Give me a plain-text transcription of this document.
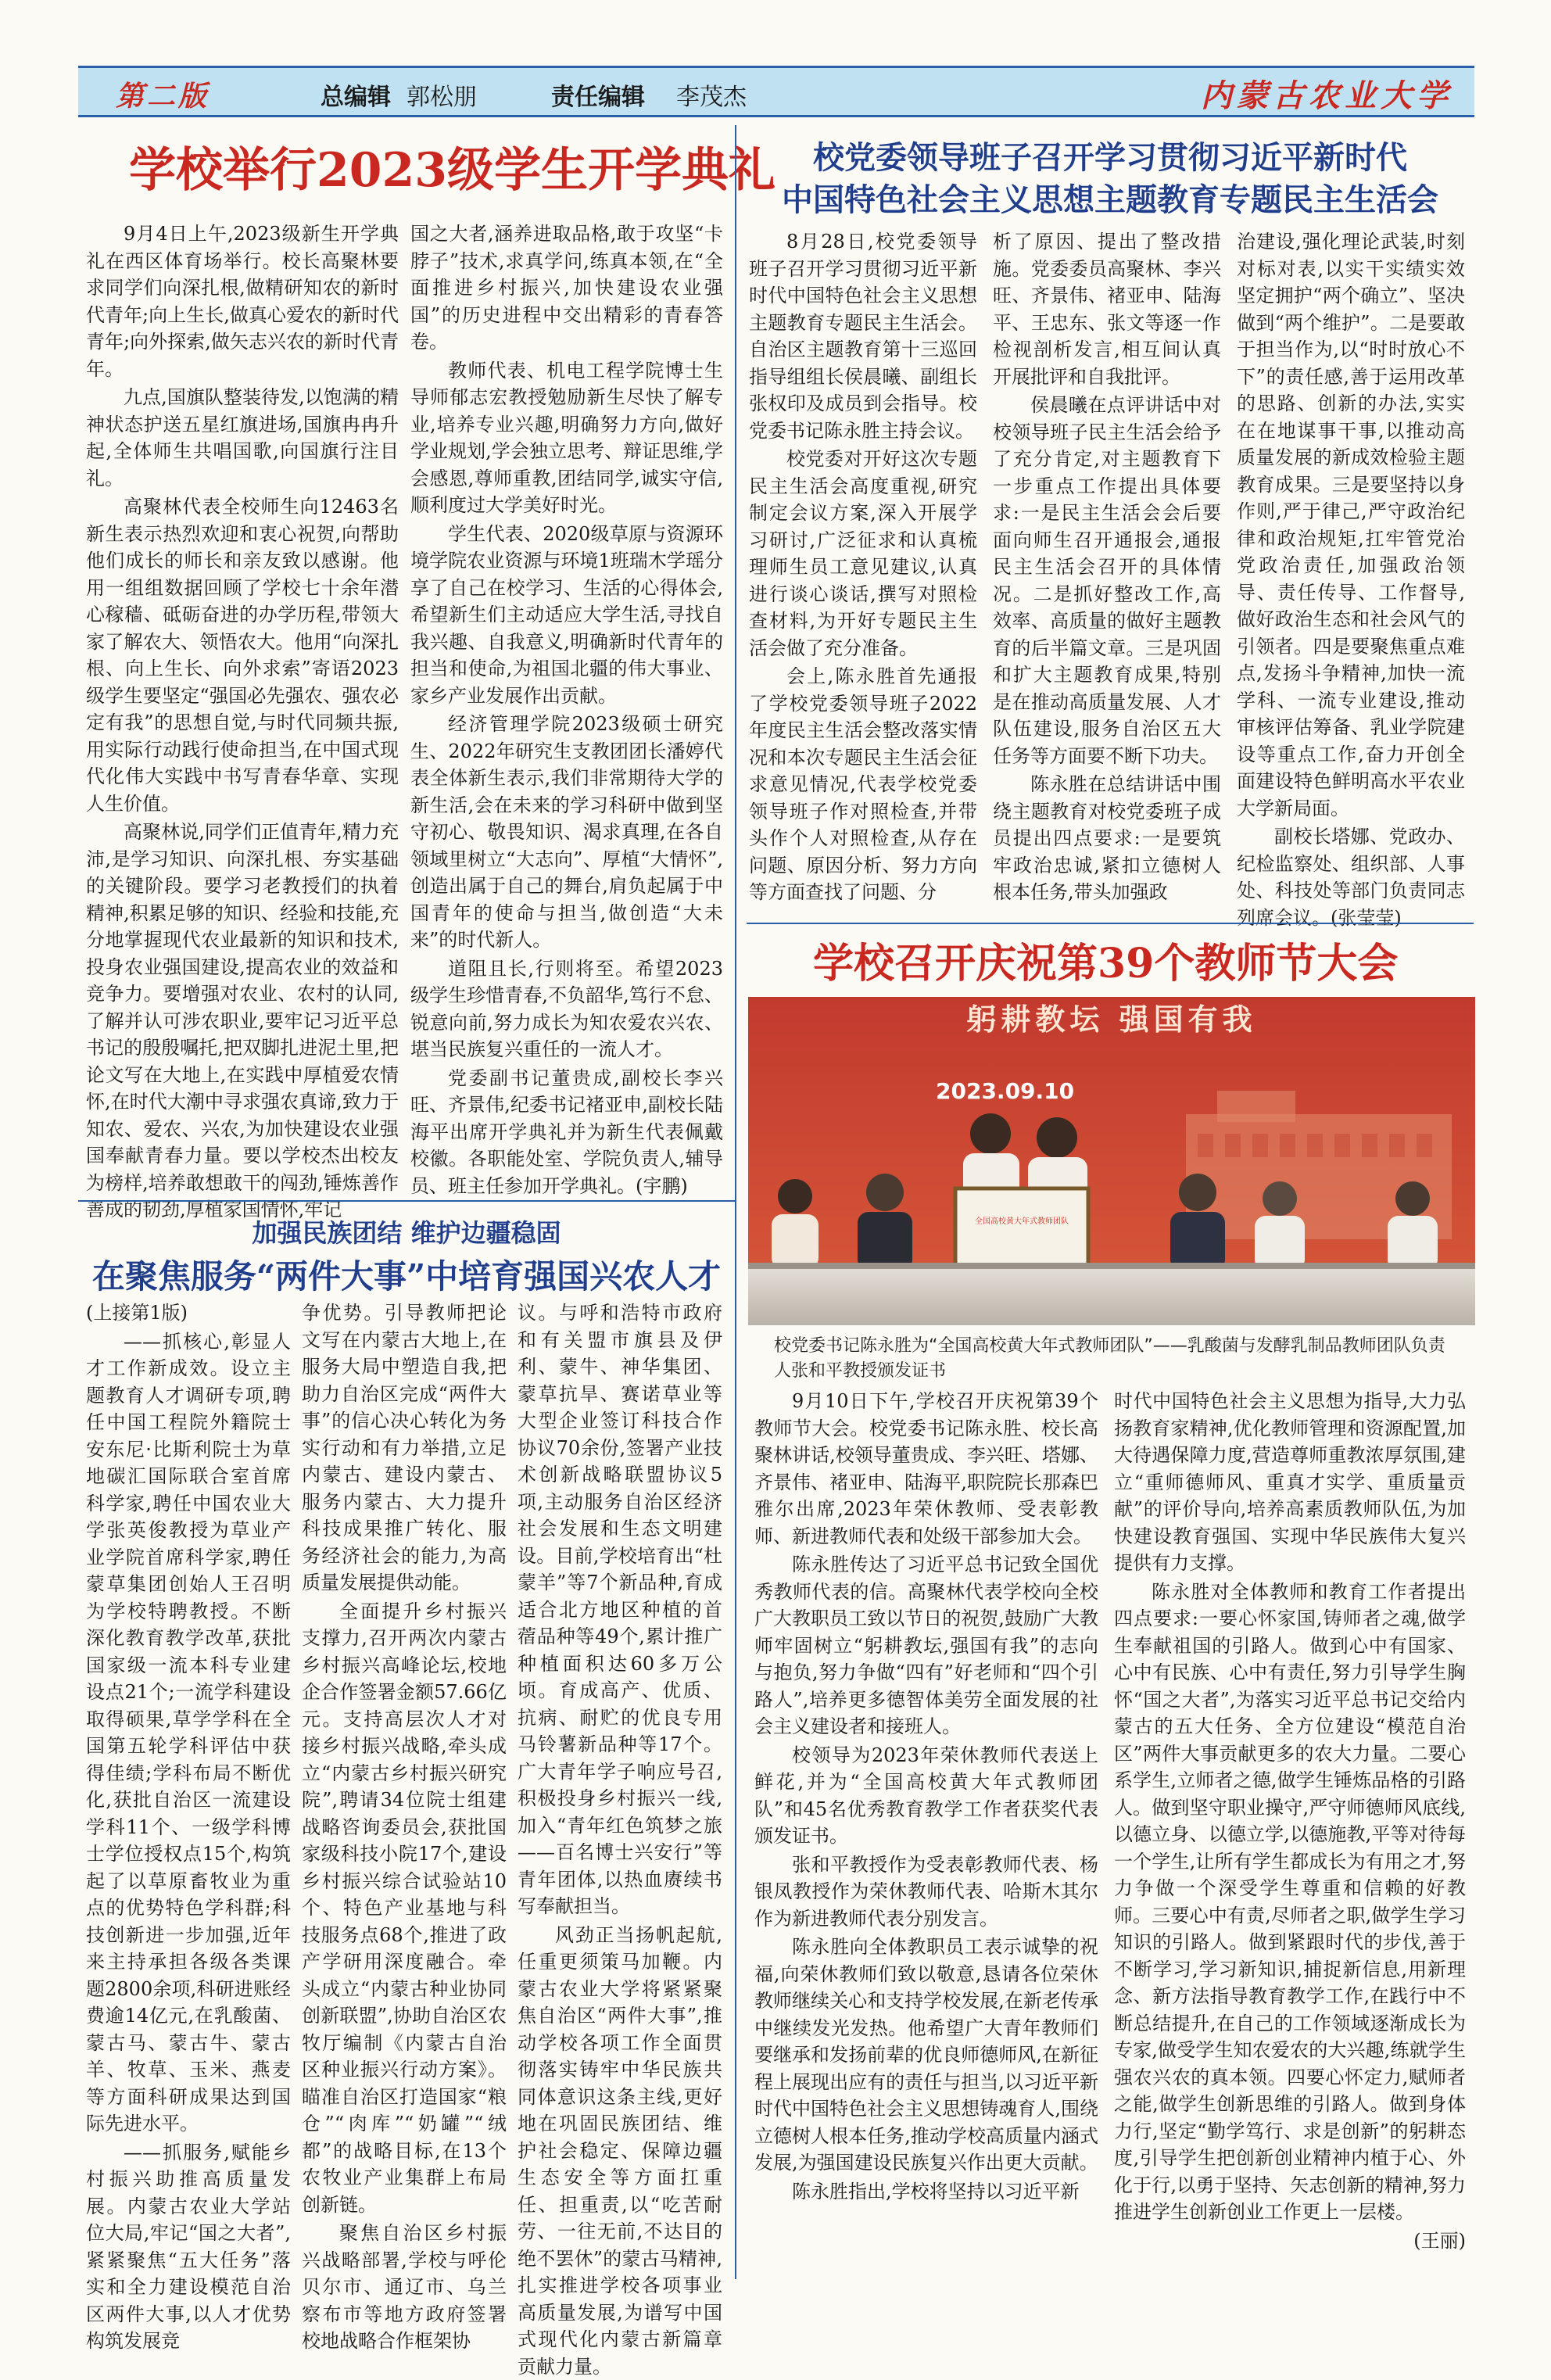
第二版	总编辑 郭松朋	责任编辑 李茂杰	内蒙古农业大学
学校举行2023级学生开学典礼

9月4日上午,2023级新生开学典礼在西区体育场举行。校长高聚林要求同学们向深扎根,做精研知农的新时代青年;向上生长,做真心爱农的新时代青年;向外探索,做矢志兴农的新时代青年。

九点,国旗队整装待发,以饱满的精神状态护送五星红旗进场,国旗冉冉升起,全体师生共唱国歌,向国旗行注目礼。

高聚林代表全校师生向12463名新生表示热烈欢迎和衷心祝贺,向帮助他们成长的师长和亲友致以感谢。他用一组组数据回顾了学校七十余年潜心稼穑、砥砺奋进的办学历程,带领大家了解农大、领悟农大。他用“向深扎根、向上生长、向外求索”寄语2023级学生要坚定“强国必先强农、强农必定有我”的思想自觉,与时代同频共振,用实际行动践行使命担当,在中国式现代化伟大实践中书写青春华章、实现人生价值。

高聚林说,同学们正值青年,精力充沛,是学习知识、向深扎根、夯实基础的关键阶段。要学习老教授们的执着精神,积累足够的知识、经验和技能,充分地掌握现代农业最新的知识和技术,投身农业强国建设,提高农业的效益和竞争力。要增强对农业、农村的认同,了解并认可涉农职业,要牢记习近平总书记的殷殷嘱托,把双脚扎进泥土里,把论文写在大地上,在实践中厚植爱农情怀,在时代大潮中寻求强农真谛,致力于知农、爱农、兴农,为加快建设农业强国奉献青春力量。要以学校杰出校友为榜样,培养敢想敢干的闯劲,锤炼善作善成的韧劲,厚植家国情怀,牢记

国之大者,涵养进取品格,敢于攻坚“卡脖子”技术,求真学问,练真本领,在“全面推进乡村振兴,加快建设农业强国”的历史进程中交出精彩的青春答卷。

教师代表、机电工程学院博士生导师郁志宏教授勉励新生尽快了解专业,培养专业兴趣,明确努力方向,做好学业规划,学会独立思考、辩证思维,学会感恩,尊师重教,团结同学,诚实守信,顺利度过大学美好时光。

学生代表、2020级草原与资源环境学院农业资源与环境1班瑞木学瑶分享了自己在校学习、生活的心得体会,希望新生们主动适应大学生活,寻找自我兴趣、自我意义,明确新时代青年的担当和使命,为祖国北疆的伟大事业、家乡产业发展作出贡献。

经济管理学院2023级硕士研究生、2022年研究生支教团团长潘婷代表全体新生表示,我们非常期待大学的新生活,会在未来的学习科研中做到坚守初心、敬畏知识、渴求真理,在各自领域里树立“大志向”、厚植“大情怀”,创造出属于自己的舞台,肩负起属于中国青年的使命与担当,做创造“大未来”的时代新人。

道阻且长,行则将至。希望2023级学生珍惜青春,不负韶华,笃行不怠、锐意向前,努力成长为知农爱农兴农、堪当民族复兴重任的一流人才。

党委副书记董贵成,副校长李兴旺、齐景伟,纪委书记褚亚申,副校长陆海平出席开学典礼并为新生代表佩戴校徽。各职能处室、学院负责人,辅导员、班主任参加开学典礼。(宇鹏)

校党委领导班子召开学习贯彻习近平新时代
中国特色社会主义思想主题教育专题民主生活会

8月28日,校党委领导班子召开学习贯彻习近平新时代中国特色社会主义思想主题教育专题民主生活会。自治区主题教育第十三巡回指导组组长侯晨曦、副组长张权印及成员到会指导。校党委书记陈永胜主持会议。

校党委对开好这次专题民主生活会高度重视,研究制定会议方案,深入开展学习研讨,广泛征求和认真梳理师生员工意见建议,认真进行谈心谈话,撰写对照检查材料,为开好专题民主生活会做了充分准备。

会上,陈永胜首先通报了学校党委领导班子2022年度民主生活会整改落实情况和本次专题民主生活会征求意见情况,代表学校党委领导班子作对照检查,并带头作个人对照检查,从存在问题、原因分析、努力方向等方面查找了问题、分

析了原因、提出了整改措施。党委委员高聚林、李兴旺、齐景伟、褚亚申、陆海平、王忠东、张文等逐一作检视剖析发言,相互间认真开展批评和自我批评。

侯晨曦在点评讲话中对校领导班子民主生活会给予了充分肯定,对主题教育下一步重点工作提出具体要求:一是民主生活会会后要面向师生召开通报会,通报民主生活会召开的具体情况。二是抓好整改工作,高效率、高质量的做好主题教育的后半篇文章。三是巩固和扩大主题教育成果,特别是在推动高质量发展、人才队伍建设,服务自治区五大任务等方面要不断下功夫。

陈永胜在总结讲话中围绕主题教育对校党委班子成员提出四点要求:一是要筑牢政治忠诚,紧扣立德树人根本任务,带头加强政

治建设,强化理论武装,时刻对标对表,以实干实绩实效坚定拥护“两个确立”、坚决做到“两个维护”。二是要敢于担当作为,以“时时放心不下”的责任感,善于运用改革的思路、创新的办法,实实在在地谋事干事,以推动高质量发展的新成效检验主题教育成果。三是要坚持以身作则,严于律己,严守政治纪律和政治规矩,扛牢管党治党政治责任,加强政治领导、责任传导、工作督导,做好政治生态和社会风气的引领者。四是要聚焦重点难点,发扬斗争精神,加快一流学科、一流专业建设,推动审核评估筹备、乳业学院建设等重点工作,奋力开创全面建设特色鲜明高水平农业大学新局面。

副校长塔娜、党政办、纪检监察处、组织部、人事处、科技处等部门负责同志列席会议。(张莹莹)

学校召开庆祝第39个教师节大会
全国高校黄大年式教师团队
躬耕教坛 强国有我
2023.09.10
校党委书记陈永胜为“全国高校黄大年式教师团队”——乳酸菌与发酵乳制品教师团队负责人张和平教授颁发证书
加强民族团结 维护边疆稳固
在聚焦服务“两件大事”中培育强国兴农人才

(上接第1版)

——抓核心,彰显人才工作新成效。设立主题教育人才调研专项,聘任中国工程院外籍院士安东尼·比斯利院士为草地碳汇国际联合室首席科学家,聘任中国农业大学张英俊教授为草业产业学院首席科学家,聘任蒙草集团创始人王召明为学校特聘教授。不断深化教育教学改革,获批国家级一流本科专业建设点21个;一流学科建设取得硕果,草学学科在全国第五轮学科评估中获得佳绩;学科布局不断优化,获批自治区一流建设学科11个、一级学科博士学位授权点15个,构筑起了以草原畜牧业为重点的优势特色学科群;科技创新进一步加强,近年来主持承担各级各类课题2800余项,科研进账经费逾14亿元,在乳酸菌、蒙古马、蒙古牛、蒙古羊、牧草、玉米、燕麦等方面科研成果达到国际先进水平。

——抓服务,赋能乡村振兴助推高质量发展。内蒙古农业大学站位大局,牢记“国之大者”,紧紧聚焦“五大任务”落实和全力建设模范自治区两件大事,以人才优势构筑发展竞

争优势。引导教师把论文写在内蒙古大地上,在服务大局中塑造自我,把助力自治区完成“两件大事”的信心决心转化为务实行动和有力举措,立足内蒙古、建设内蒙古、服务内蒙古、大力提升科技成果推广转化、服务经济社会的能力,为高质量发展提供动能。

全面提升乡村振兴支撑力,召开两次内蒙古乡村振兴高峰论坛,校地企合作签署金额57.66亿元。支持高层次人才对接乡村振兴战略,牵头成立“内蒙古乡村振兴研究院”,聘请34位院士组建战略咨询委员会,获批国家级科技小院17个,建设乡村振兴综合试验站10个、特色产业基地与科技服务点68个,推进了政产学研用深度融合。牵头成立“内蒙古种业协同创新联盟”,协助自治区农牧厅编制《内蒙古自治区种业振兴行动方案》。瞄准自治区打造国家“粮仓”“肉库”“奶罐”“绒都”的战略目标,在13个农牧业产业集群上布局创新链。

聚焦自治区乡村振兴战略部署,学校与呼伦贝尔市、通辽市、乌兰察布市等地方政府签署校地战略合作框架协

议。与呼和浩特市政府和有关盟市旗县及伊利、蒙牛、神华集团、蒙草抗旱、赛诺草业等大型企业签订科技合作协议70余份,签署产业技术创新战略联盟协议5项,主动服务自治区经济社会发展和生态文明建设。目前,学校培育出“杜蒙羊”等7个新品种,育成适合北方地区种植的首蓿品种等49个,累计推广种植面积达60多万公顷。育成高产、优质、抗病、耐贮的优良专用马铃薯新品种等17个。广大青年学子响应号召,积极投身乡村振兴一线,加入“青年红色筑梦之旅——百名博士兴安行”等青年团体,以热血赓续书写奉献担当。

风劲正当扬帆起航,任重更须策马加鞭。内蒙古农业大学将紧紧聚焦自治区“两件大事”,推动学校各项工作全面贯彻落实铸牢中华民族共同体意识这条主线,更好地在巩固民族团结、维护社会稳定、保障边疆生态安全等方面扛重任、担重责,以“吃苦耐劳、一往无前,不达目的绝不罢休”的蒙古马精神,扎实推进学校各项事业高质量发展,为谱写中国式现代化内蒙古新篇章贡献力量。

9月10日下午,学校召开庆祝第39个教师节大会。校党委书记陈永胜、校长高聚林讲话,校领导董贵成、李兴旺、塔娜、齐景伟、褚亚申、陆海平,职院院长那森巴雅尔出席,2023年荣休教师、受表彰教师、新进教师代表和处级干部参加大会。

陈永胜传达了习近平总书记致全国优秀教师代表的信。高聚林代表学校向全校广大教职员工致以节日的祝贺,鼓励广大教师牢固树立“躬耕教坛,强国有我”的志向与抱负,努力争做“四有”好老师和“四个引路人”,培养更多德智体美劳全面发展的社会主义建设者和接班人。

校领导为2023年荣休教师代表送上鲜花,并为“全国高校黄大年式教师团队”和45名优秀教育教学工作者获奖代表颁发证书。

张和平教授作为受表彰教师代表、杨银凤教授作为荣休教师代表、哈斯木其尔作为新进教师代表分别发言。

陈永胜向全体教职员工表示诚挚的祝福,向荣休教师们致以敬意,恳请各位荣休教师继续关心和支持学校发展,在新老传承中继续发光发热。他希望广大青年教师们要继承和发扬前辈的优良师德师风,在新征程上展现出应有的责任与担当,以习近平新时代中国特色社会主义思想铸魂育人,围绕立德树人根本任务,推动学校高质量内涵式发展,为强国建设民族复兴作出更大贡献。

陈永胜指出,学校将坚持以习近平新

时代中国特色社会主义思想为指导,大力弘扬教育家精神,优化教师管理和资源配置,加大待遇保障力度,营造尊师重教浓厚氛围,建立“重师德师风、重真才实学、重质量贡献”的评价导向,培养高素质教师队伍,为加快建设教育强国、实现中华民族伟大复兴提供有力支撑。

陈永胜对全体教师和教育工作者提出四点要求:一要心怀家国,铸师者之魂,做学生奉献祖国的引路人。做到心中有国家、心中有民族、心中有责任,努力引导学生胸怀“国之大者”,为落实习近平总书记交给内蒙古的五大任务、全方位建设“模范自治区”两件大事贡献更多的农大力量。二要心系学生,立师者之德,做学生锤炼品格的引路人。做到坚守职业操守,严守师德师风底线,以德立身、以德立学,以德施教,平等对待每一个学生,让所有学生都成长为有用之才,努力争做一个深受学生尊重和信赖的好教师。三要心中有责,尽师者之职,做学生学习知识的引路人。做到紧跟时代的步伐,善于不断学习,学习新知识,捕捉新信息,用新理念、新方法指导教育教学工作,在践行中不断总结提升,在自己的工作领域逐渐成长为专家,做受学生知农爱农的大兴趣,练就学生强农兴农的真本领。四要心怀定力,赋师者之能,做学生创新思维的引路人。做到身体力行,坚定“勤学笃行、求是创新”的躬耕态度,引导学生把创新创业精神内植于心、外化于行,以勇于坚持、矢志创新的精神,努力推进学生创新创业工作更上一层楼。

(王丽)
